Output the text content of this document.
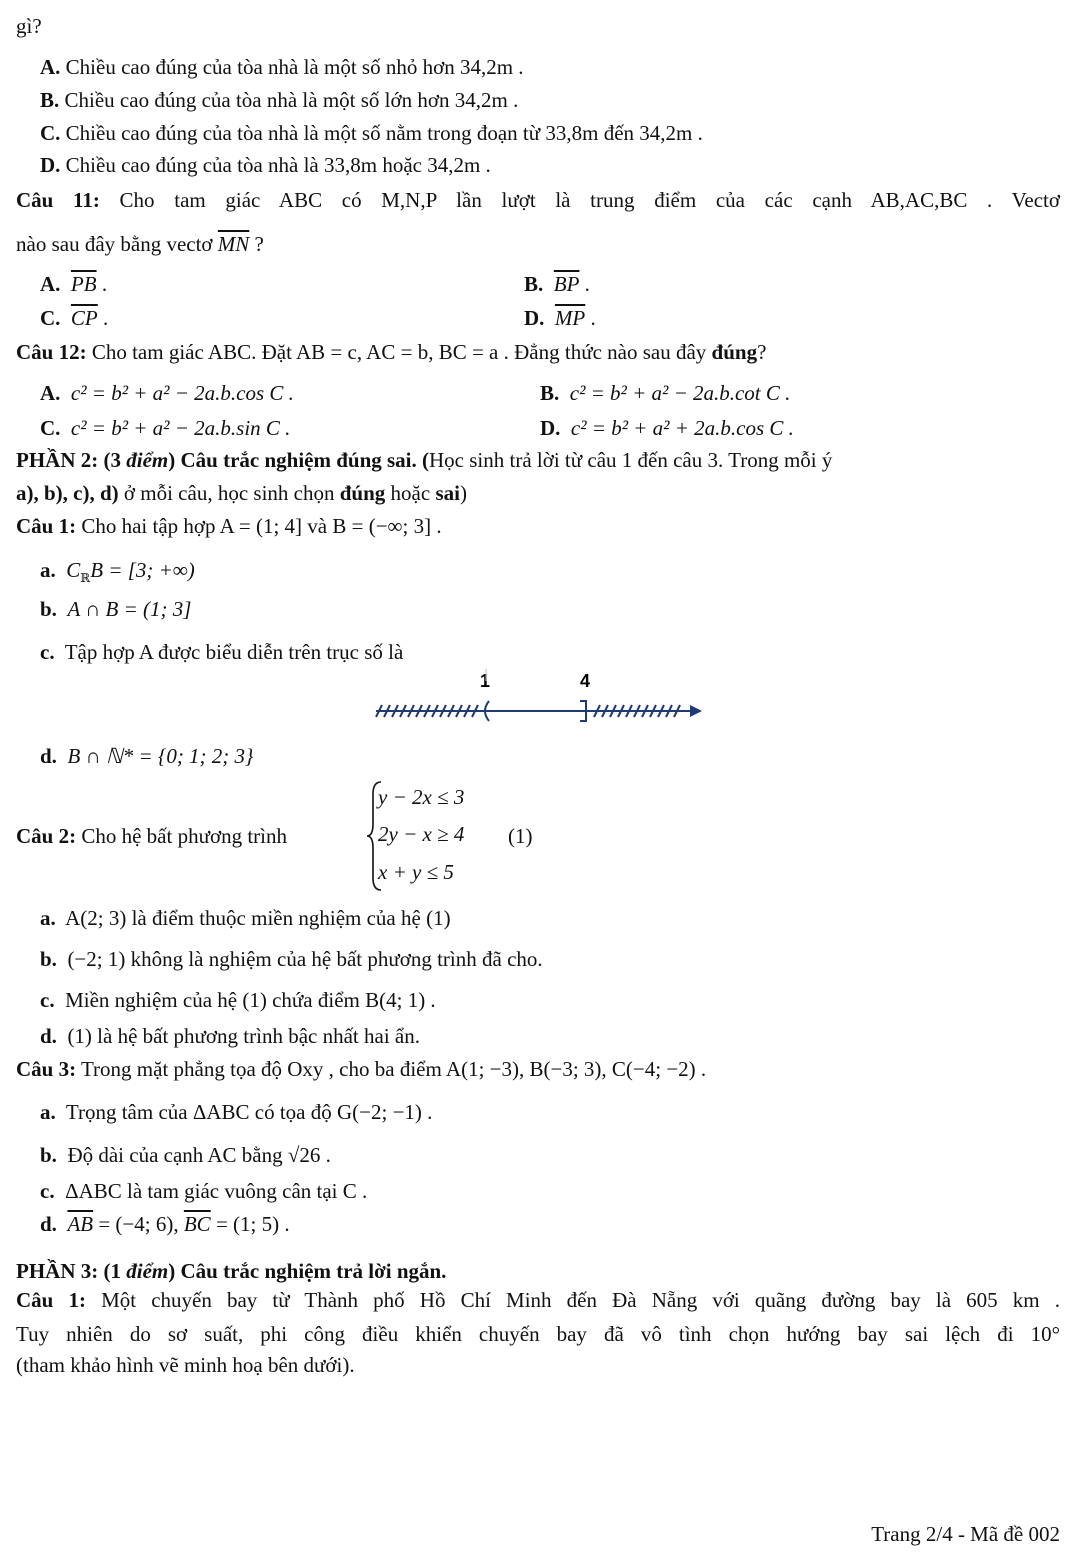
gì?
A. Chiều cao đúng của tòa nhà là một số nhỏ hơn 34,2m .
B. Chiều cao đúng của tòa nhà là một số lớn hơn 34,2m .
C. Chiều cao đúng của tòa nhà là một số nằm trong đoạn từ 33,8m đến 34,2m .
D. Chiều cao đúng của tòa nhà là 33,8m hoặc 34,2m .
Câu 11: Cho tam giác ABC có M,N,P lần lượt là trung điểm của các cạnh AB,AC,BC . Vectơ
nào sau đây bằng vectơ $\overline{MN}$ ?
A. $\overline{PB}$ .	B. $\overline{BP}$ .
C. $\overline{CP}$ .	D. $\overline{MP}$ .
Câu 12: Cho tam giác ABC. Đặt AB = c, AC = b, BC = a . Đẳng thức nào sau đây đúng?
A. c² = b² + a² − 2a.b.cos C .	B. c² = b² + a² − 2a.b.cot C .
C. c² = b² + a² − 2a.b.sin C .	D. c² = b² + a² + 2a.b.cos C .
PHẦN 2: (3 điểm) Câu trắc nghiệm đúng sai. (Học sinh trả lời từ câu 1 đến câu 3. Trong mỗi ý
a), b), c), d) ở mỗi câu, học sinh chọn đúng hoặc sai)
Câu 1: Cho hai tập hợp A = (1; 4] và B = (−∞; 3] .
a. $C_ℝB = [3$; +∞)
b. A ∩ B = (1; 3]
c. Tập hợp A được biểu diễn trên trục số là
1	4
d. B ∩ ℕ* = {0; 1; 2; 3}
Câu 2: Cho hệ bất phương trình
y − 2x ≤ 3
2y − x ≥ 4
x + y ≤ 5
(1)
a. A(2; 3) là điểm thuộc miền nghiệm của hệ (1)
b. (−2; 1) không là nghiệm của hệ bất phương trình đã cho.
c. Miền nghiệm của hệ (1) chứa điểm B(4; 1) .
d. (1) là hệ bất phương trình bậc nhất hai ẩn.
Câu 3: Trong mặt phẳng tọa độ Oxy , cho ba điểm A(1; −3), B(−3; 3), C(−4; −2) .
a. Trọng tâm của ΔABC có tọa độ G(−2; −1) .
b. Độ dài của cạnh AC bằng √26 .
c. ΔABC là tam giác vuông cân tại C .
d. $\overline{AB} = (-4$; 6), $\overline{BC} = (1$; 5) .
PHẦN 3: (1 điểm) Câu trắc nghiệm trả lời ngắn.
Câu 1: Một chuyến bay từ Thành phố Hồ Chí Minh đến Đà Nẵng với quãng đường bay là 605 km .
Tuy nhiên do sơ suất, phi công điều khiển chuyến bay đã vô tình chọn hướng bay sai lệch đi 10°
(tham khảo hình vẽ minh hoạ bên dưới).
Trang 2/4 - Mã đề 002
